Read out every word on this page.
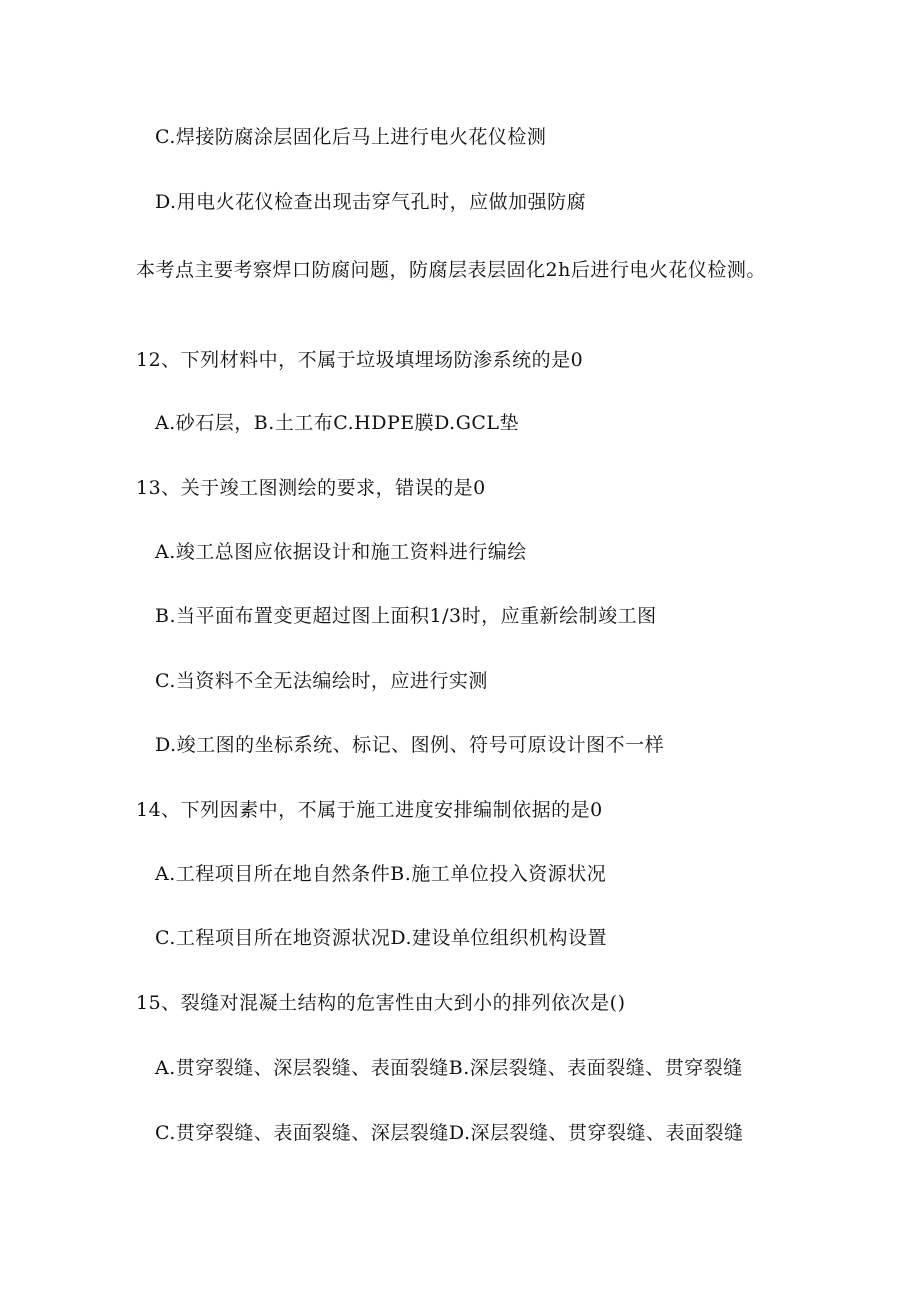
C.焊接防腐涂层固化后马上进行电火花仪检测
D.用电火花仪检查出现击穿气孔时，应做加强防腐
本考点主要考察焊口防腐问题，防腐层表层固化2h后进行电火花仪检测。
12、下列材料中，不属于垃圾填埋场防渗系统的是0
A.砂石层，B.土工布C.HDPE膜D.GCL垫
13、关于竣工图测绘的要求，错误的是0
A.竣工总图应依据设计和施工资料进行编绘
B.当平面布置变更超过图上面积1/3时，应重新绘制竣工图
C.当资料不全无法编绘时，应进行实测
D.竣工图的坐标系统、标记、图例、符号可原设计图不一样
14、下列因素中，不属于施工进度安排编制依据的是0
A.工程项目所在地自然条件B.施工单位投入资源状况
C.工程项目所在地资源状况D.建设单位组织机构设置
15、裂缝对混凝土结构的危害性由大到小的排列依次是()
A.贯穿裂缝、深层裂缝、表面裂缝B.深层裂缝、表面裂缝、贯穿裂缝
C.贯穿裂缝、表面裂缝、深层裂缝D.深层裂缝、贯穿裂缝、表面裂缝
